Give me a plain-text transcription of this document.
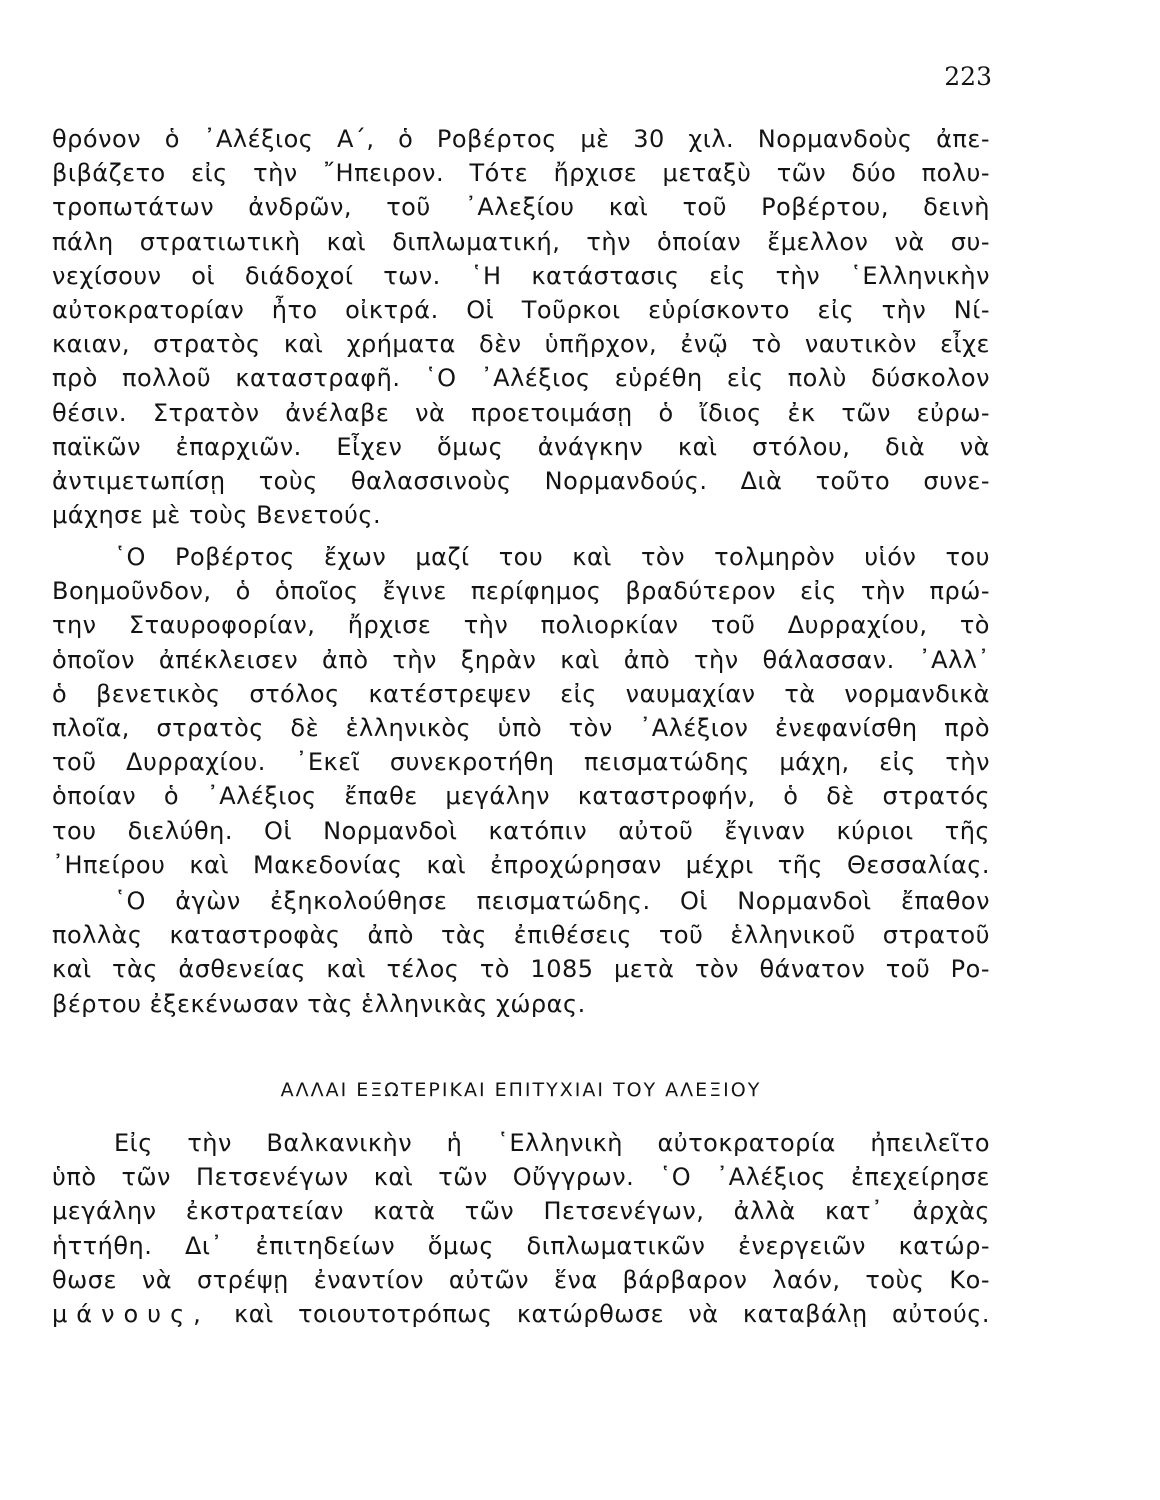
223
θρόνον ὁ ᾿Αλέξιος Α΄, ὁ Ροβέρτος μὲ 30 χιλ. Νορμανδοὺς ἀπε-
βιβάζετο εἰς τὴν ῎Ηπειρον. Τότε ἤρχισε μεταξὺ τῶν δύο πολυ-
τροπωτάτων ἀνδρῶν, τοῦ ᾿Αλεξίου καὶ τοῦ Ροβέρτου, δεινὴ
πάλη στρατιωτικὴ καὶ διπλωματική, τὴν ὁποίαν ἔμελλον νὰ συ-
νεχίσουν οἱ διάδοχοί των. ῾Η κατάστασις εἰς τὴν ῾Ελληνικὴν
αὐτοκρατορίαν ἦτο οἰκτρά. Οἱ Τοῦρκοι εὑρίσκοντο εἰς τὴν Νί-
καιαν, στρατὸς καὶ χρήματα δὲν ὑπῆρχον, ἐνῷ τὸ ναυτικὸν εἶχε
πρὸ πολλοῦ καταστραφῆ. ῾Ο ᾿Αλέξιος εὑρέθη εἰς πολὺ δύσκολον
θέσιν. Στρατὸν ἀνέλαβε νὰ προετοιμάσῃ ὁ ἴδιος ἐκ τῶν εὐρω-
παϊκῶν ἐπαρχιῶν. Εἶχεν ὅμως ἀνάγκην καὶ στόλου, διὰ νὰ
ἀντιμετωπίσῃ τοὺς θαλασσινοὺς Νορμανδούς. Διὰ τοῦτο συνε-
μάχησε μὲ τοὺς Βενετούς.
῾Ο Ροβέρτος ἔχων μαζί του καὶ τὸν τολμηρὸν υἱόν του
Βοημοῦνδον, ὁ ὁποῖος ἔγινε περίφημος βραδύτερον εἰς τὴν πρώ-
την Σταυροφορίαν, ἤρχισε τὴν πολιορκίαν τοῦ Δυρραχίου, τὸ
ὁποῖον ἀπέκλεισεν ἀπὸ τὴν ξηρὰν καὶ ἀπὸ τὴν θάλασσαν. ᾿Αλλ᾿
ὁ βενετικὸς στόλος κατέστρεψεν εἰς ναυμαχίαν τὰ νορμανδικὰ
πλοῖα, στρατὸς δὲ ἑλληνικὸς ὑπὸ τὸν ᾿Αλέξιον ἐνεφανίσθη πρὸ
τοῦ Δυρραχίου. ᾿Εκεῖ συνεκροτήθη πεισματώδης μάχη, εἰς τὴν
ὁποίαν ὁ ᾿Αλέξιος ἔπαθε μεγάλην καταστροφήν, ὁ δὲ στρατός
του διελύθη. Οἱ Νορμανδοὶ κατόπιν αὐτοῦ ἔγιναν κύριοι τῆς
᾿Ηπείρου καὶ Μακεδονίας καὶ ἐπροχώρησαν μέχρι τῆς Θεσσαλίας.
῾Ο ἀγὼν ἐξηκολούθησε πεισματώδης. Οἱ Νορμανδοὶ ἔπαθον
πολλὰς καταστροφὰς ἀπὸ τὰς ἐπιθέσεις τοῦ ἑλληνικοῦ στρατοῦ
καὶ τὰς ἀσθενείας καὶ τέλος τὸ 1085 μετὰ τὸν θάνατον τοῦ Ρο-
βέρτου ἐξεκένωσαν τὰς ἑλληνικὰς χώρας.
ΑΛΛΑΙ ΕΞΩΤΕΡΙΚΑΙ ΕΠΙΤΥΧΙΑΙ ΤΟΥ ΑΛΕΞΙΟΥ
Εἰς τὴν Βαλκανικὴν ἡ ῾Ελληνικὴ αὐτοκρατορία ἠπειλεῖτο
ὑπὸ τῶν Πετσενέγων καὶ τῶν Οὔγγρων. ῾Ο ᾿Αλέξιος ἐπεχείρησε
μεγάλην ἐκστρατείαν κατὰ τῶν Πετσενέγων, ἀλλὰ κατ᾿ ἀρχὰς
ἡττήθη. Δι᾿ ἐπιτηδείων ὅμως διπλωματικῶν ἐνεργειῶν κατώρ-
θωσε νὰ στρέψῃ ἐναντίον αὐτῶν ἕνα βάρβαρον λαόν, τοὺς Κο-
μάνους, καὶ τοιουτοτρόπως κατώρθωσε νὰ καταβάλῃ αὐτούς.
